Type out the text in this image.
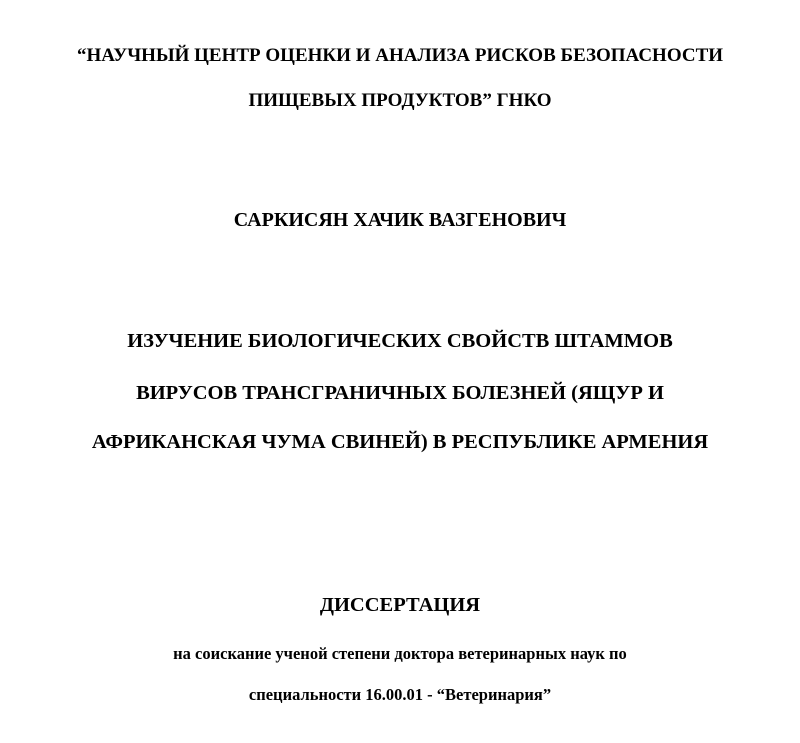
“НАУЧНЫЙ ЦЕНТР ОЦЕНКИ И АНАЛИЗА РИСКОВ БЕЗОПАСНОСТИ
ПИЩЕВЫХ ПРОДУКТОВ” ГНКО
САРКИСЯН ХАЧИК ВАЗГЕНОВИЧ
ИЗУЧЕНИЕ БИОЛОГИЧЕСКИХ СВОЙСТВ ШТАММОВ
ВИРУСОВ ТРАНСГРАНИЧНЫХ БОЛЕЗНЕЙ (ЯЩУР И
АФРИКАНСКАЯ ЧУМА СВИНЕЙ) В РЕСПУБЛИКЕ АРМЕНИЯ
ДИССЕРТАЦИЯ
на соискание ученой степени доктора ветеринарных наук по
специальности 16.00.01 - “Ветеринария”
